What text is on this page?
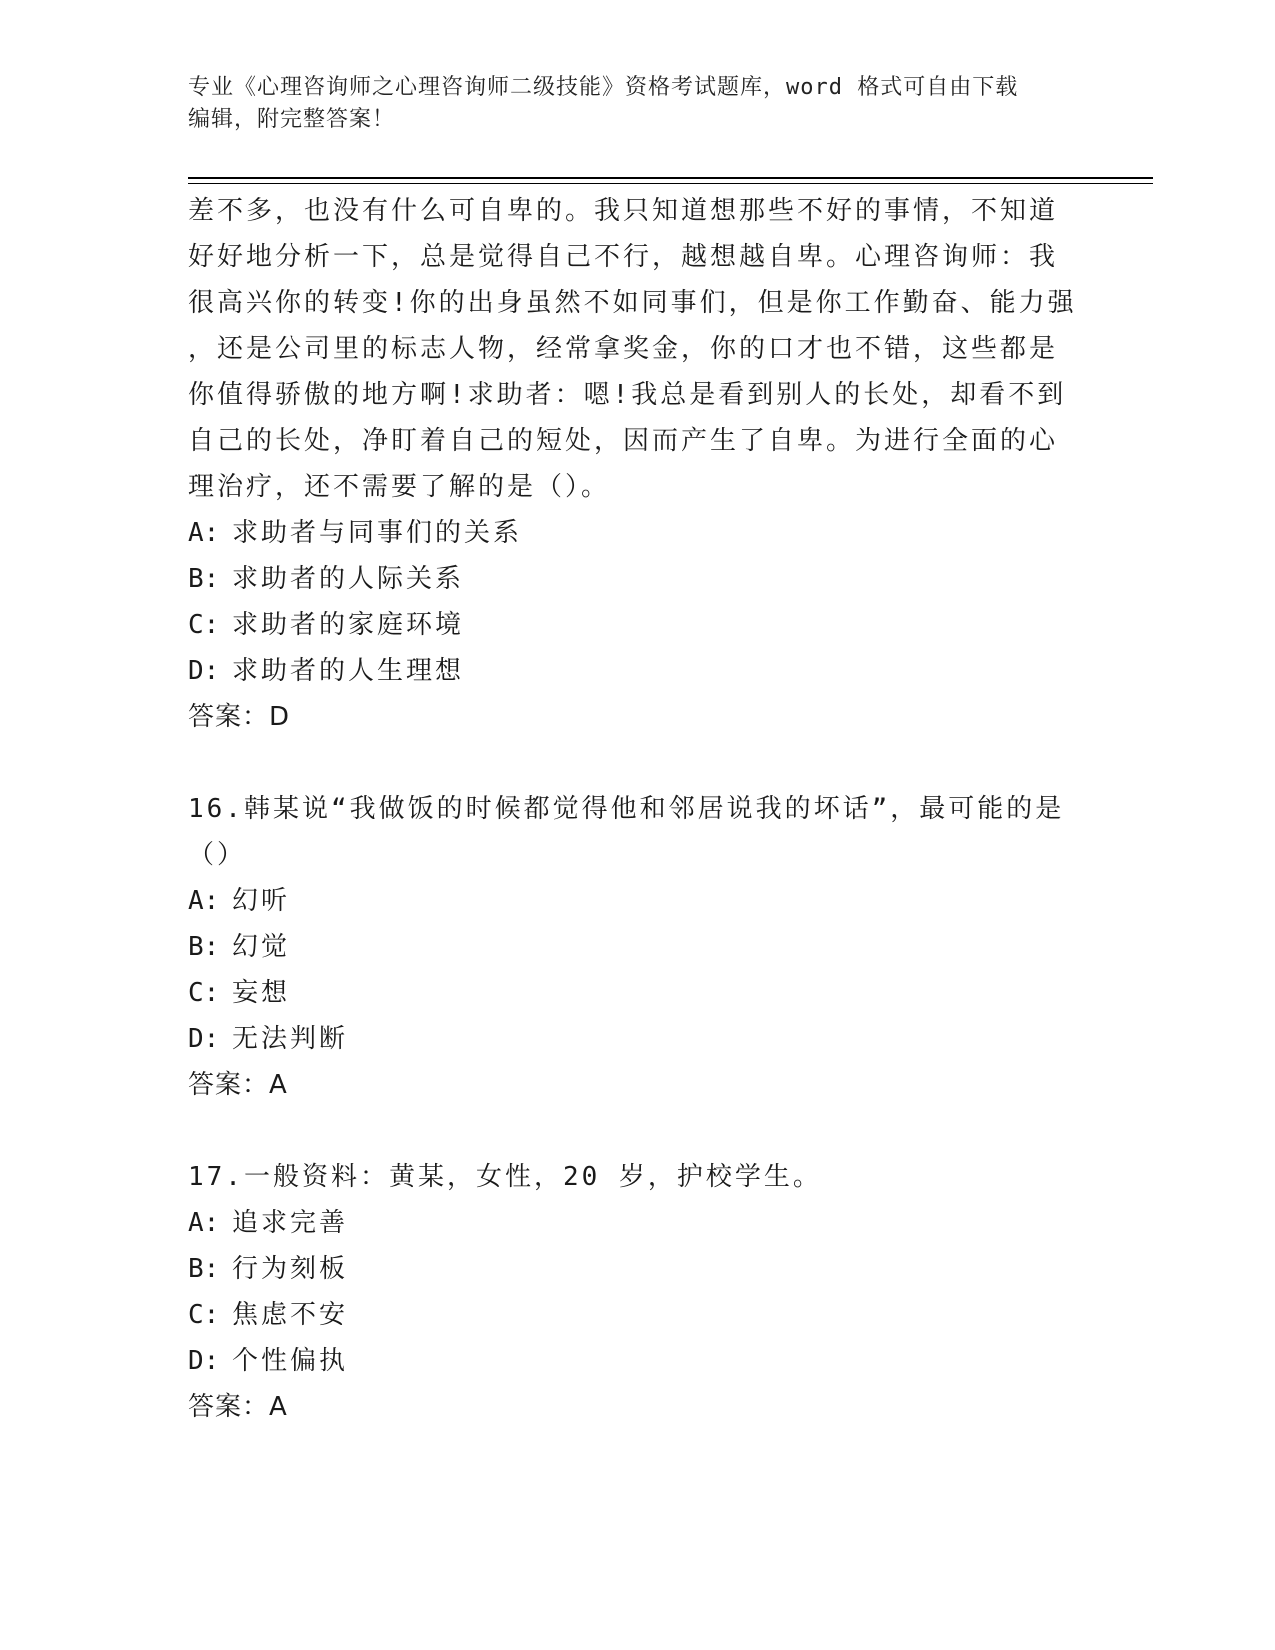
专业《心理咨询师之心理咨询师二级技能》资格考试题库，word 格式可自由下载
编辑，附完整答案！

差不多，也没有什么可自卑的。我只知道想那些不好的事情，不知道

好好地分析一下，总是觉得自己不行，越想越自卑。心理咨询师：我

很高兴你的转变!你的出身虽然不如同事们，但是你工作勤奋、能力强

，还是公司里的标志人物，经常拿奖金，你的口才也不错，这些都是

你值得骄傲的地方啊!求助者：嗯!我总是看到别人的长处，却看不到

自己的长处，净盯着自己的短处，因而产生了自卑。为进行全面的心

理治疗，还不需要了解的是（）。

A: 求助者与同事们的关系

B: 求助者的人际关系

C: 求助者的家庭环境

D: 求助者的人生理想

答案：D

16.韩某说“我做饭的时候都觉得他和邻居说我的坏话”，最可能的是

（）

A: 幻听

B: 幻觉

C: 妄想

D: 无法判断

答案：A

17.一般资料：黄某，女性，20 岁，护校学生。

A: 追求完善

B: 行为刻板

C: 焦虑不安

D: 个性偏执

答案：A
